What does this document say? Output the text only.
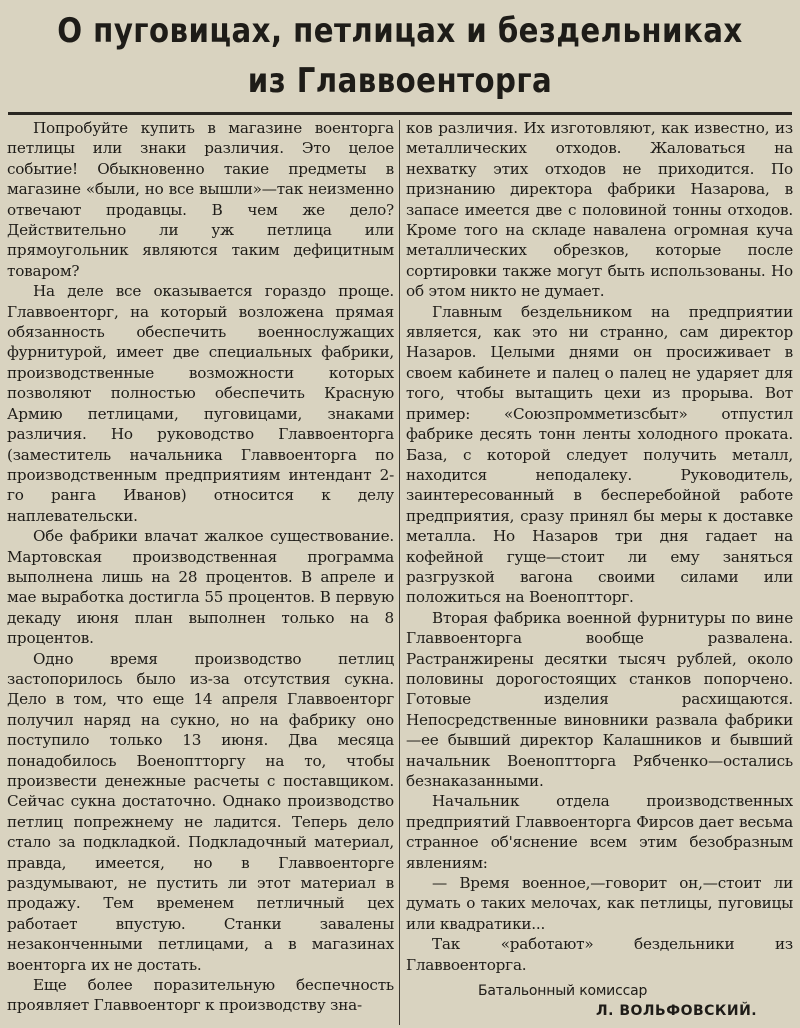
О пуговицах, петлицах и бездельниках
из Главвоенторга

Попробуйте купить в магазине военторга петлицы или знаки различия. Это целое событие! Обыкновенно такие предметы в магазине «были, но все вышли»—так неизменно отвечают продавцы. В чем же дело? Действительно ли уж петлица или прямоугольник являются таким дефицитным товаром?

На деле все оказывается гораздо проще. Главвоенторг, на который возложена прямая обязанность обеспечить военнослужащих фурнитурой, имеет две специальных фабрики, производственные возможности которых позволяют полностью обеспечить Красную Армию петлицами, пуговицами, знаками различия. Но руководство Главвоенторга (заместитель начальника Главвоенторга по производственным предприятиям интендант 2-го ранга Иванов) относится к делу наплевательски.

Обе фабрики влачат жалкое существование. Мартовская производственная программа выполнена лишь на 28 процентов. В апреле и мае выработка достигла 55 процентов. В первую декаду июня план выполнен только на 8 процентов.

Одно время производство петлиц застопорилось было из-за отсутствия сукна. Дело в том, что еще 14 апреля Главвоенторг получил наряд на сукно, но на фабрику оно поступило только 13 июня. Два месяца понадобилось Военопттоpгу на то, чтобы произвести денежные расчеты с поставщиком. Сейчас сукна достаточно. Однако производство петлиц попрежнему не ладится. Теперь дело стало за подкладкой. Подкладочный материал, правда, имеется, но в Главвоенторге раздумывают, не пустить ли этот материал в продажу. Тем временем петличный цех работает впустую. Станки завалены незаконченными петлицами, а в магазинах военторга их не достать.

Еще более поразительную беспечность проявляет Главвоенторг к производству зна-

ков различия. Их изготовляют, как известно, из металлических отходов. Жаловаться на нехватку этих отходов не приходится. По признанию директора фабрики Назарова, в запасе имеется две с половиной тонны отходов. Кроме того на складе навалена огромная куча металлических обрезков, которые после сортировки также могут быть использованы. Но об этом никто не думает.

Главным бездельником на предприятии является, как это ни странно, сам директор Назаров. Целыми днями он просиживает в своем кабинете и палец о палец не ударяет для того, чтобы вытащить цехи из прорыва. Вот пример: «Союзпромметизсбыт» отпустил фабрике десять тонн ленты холодного проката. База, с которой следует получить металл, находится неподалеку. Руководитель, заинтересованный в бесперебойной работе предприятия, сразу принял бы меры к доставке металла. Но Назаров три дня гадает на кофейной гуще—стоит ли ему заняться разгрузкой вагона своими силами или положиться на Военопттоpг.

Вторая фабрика военной фурнитуры по вине Главвоенторга вообще развалена. Растранжирены десятки тысяч рублей, около половины дорогостоящих станков попорчено. Готовые изделия расхищаются. Непосредственные виновники развала фабрики—ее бывший директор Калашников и бывший начальник Военопттоpга Рябченко—остались безнаказанными.

Начальник отдела производственных предприятий Главвоенторга Фирсов дает весьма странное об'яснение всем этим безобразным явлениям:

— Время военное,—говорит он,—стоит ли думать о таких мелочах, как петлицы, пуговицы или квадратики...

Так «работают» бездельники из Главвоенторга.

Батальонный комиссар

Л. ВОЛЬФОВСКИЙ.
